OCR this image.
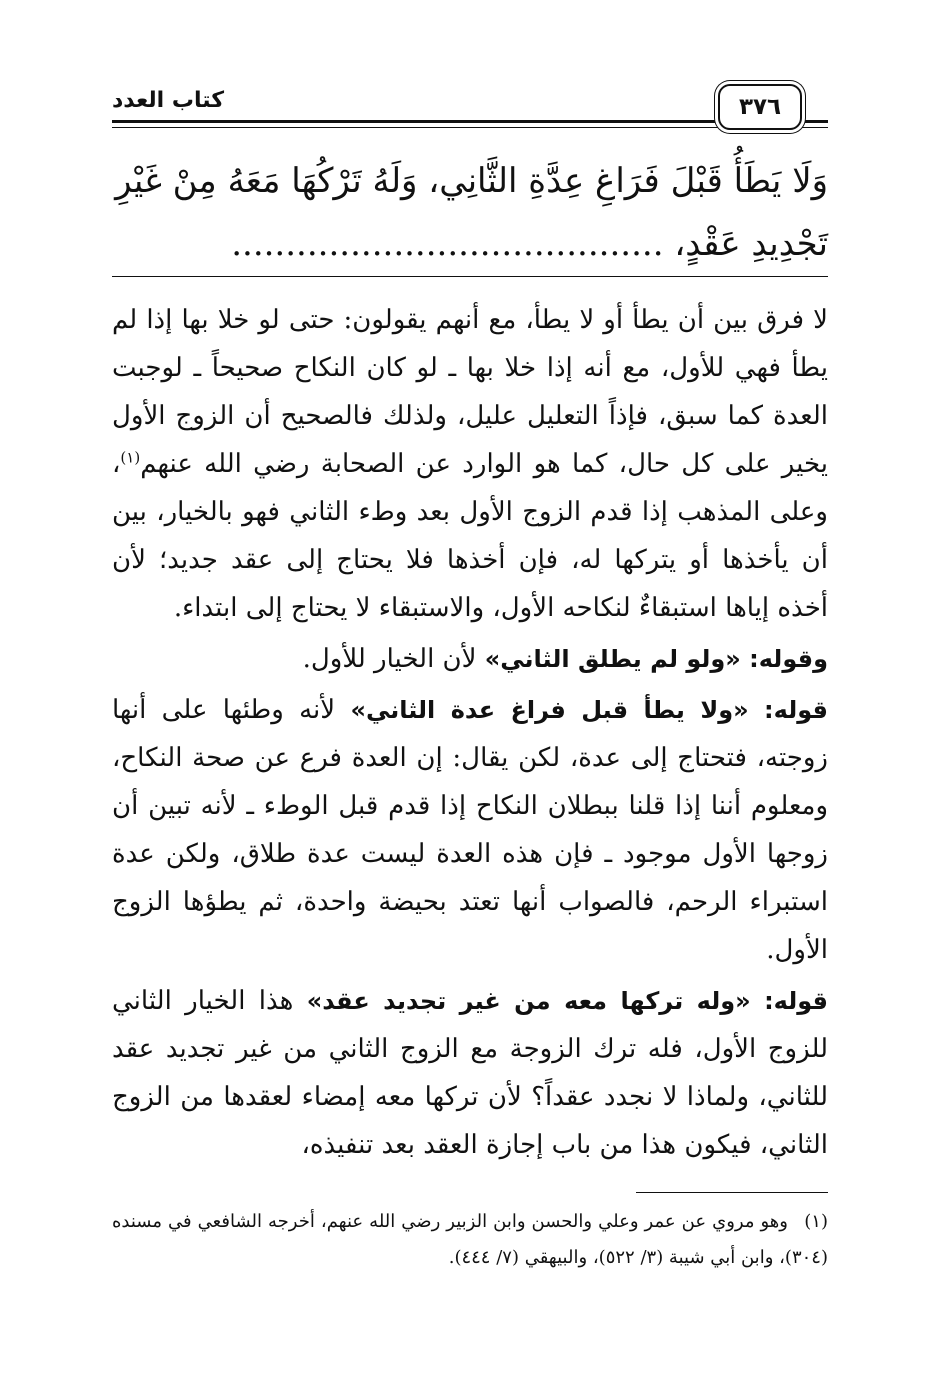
كتاب العدد	٣٧٦
وَلَا يَطَأُ قَبْلَ فَرَاغِ عِدَّةِ الثَّانِي، وَلَهُ تَرْكُهَا مَعَهُ مِنْ غَيْرِ
تَجْدِيدِ عَقْدٍ، ........................................

لا فرق بين أن يطأ أو لا يطأ، مع أنهم يقولون: حتى لو خلا بها إذا لم يطأ فهي للأول، مع أنه إذا خلا بها ـ لو كان النكاح صحيحاً ـ لوجبت العدة كما سبق، فإذاً التعليل عليل، ولذلك فالصحيح أن الزوج الأول يخير على كل حال، كما هو الوارد عن الصحابة رضي الله عنهم$^{(١)}$، وعلى المذهب إذا قدم الزوج الأول بعد وطء الثاني فهو بالخيار، بين أن يأخذها أو يتركها له، فإن أخذها فلا يحتاج إلى عقد جديد؛ لأن أخذه إياها استبقاءٌ لنكاحه الأول، والاستبقاء لا يحتاج إلى ابتداء.

وقوله: «ولو لم يطلق الثاني» لأن الخيار للأول.

قوله: «ولا يطأ قبل فراغ عدة الثاني» لأنه وطئها على أنها زوجته، فتحتاج إلى عدة، لكن يقال: إن العدة فرع عن صحة النكاح، ومعلوم أننا إذا قلنا ببطلان النكاح إذا قدم قبل الوطء ـ لأنه تبين أن زوجها الأول موجود ـ فإن هذه العدة ليست عدة طلاق، ولكن عدة استبراء الرحم، فالصواب أنها تعتد بحيضة واحدة، ثم يطؤها الزوج الأول.

قوله: «وله تركها معه من غير تجديد عقد» هذا الخيار الثاني للزوج الأول، فله ترك الزوجة مع الزوج الثاني من غير تجديد عقد للثاني، ولماذا لا نجدد عقداً؟ لأن تركها معه إمضاء لعقدها من الزوج الثاني، فيكون هذا من باب إجازة العقد بعد تنفيذه،

(١)وهو مروي عن عمر وعلي والحسن وابن الزبير رضي الله عنهم، أخرجه الشافعي في مسنده (٣٠٤)، وابن أبي شيبة (٣/ ٥٢٢)، والبيهقي (٧/ ٤٤٤).
